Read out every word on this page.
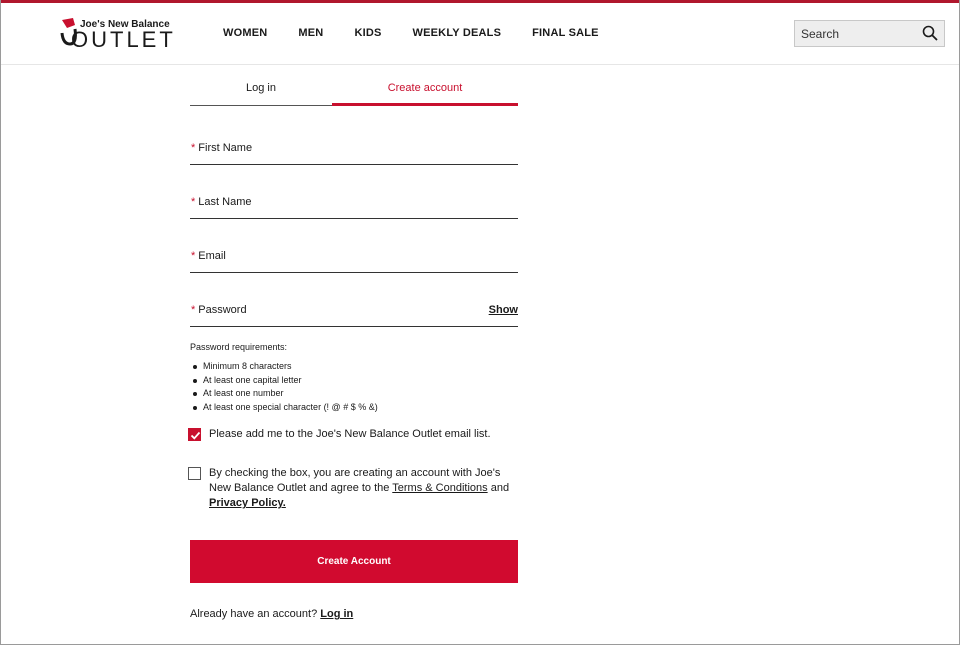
Joe's New Balance
OUTLET	WOMEN	MEN	KIDS	WEEKLY DEALS	FINAL SALE
Search
Log in	Create account
* First Name
* Last Name
* Email
* Password	Show
Password requirements:
Minimum 8 characters
At least one capital letter
At least one number
At least one special character (! @ # $ % &)
Please add me to the Joe's New Balance Outlet email list.
By checking the box, you are creating an account with Joe's New Balance Outlet and agree to the Terms & Conditions and Privacy Policy.
Create Account
Already have an account? Log in
